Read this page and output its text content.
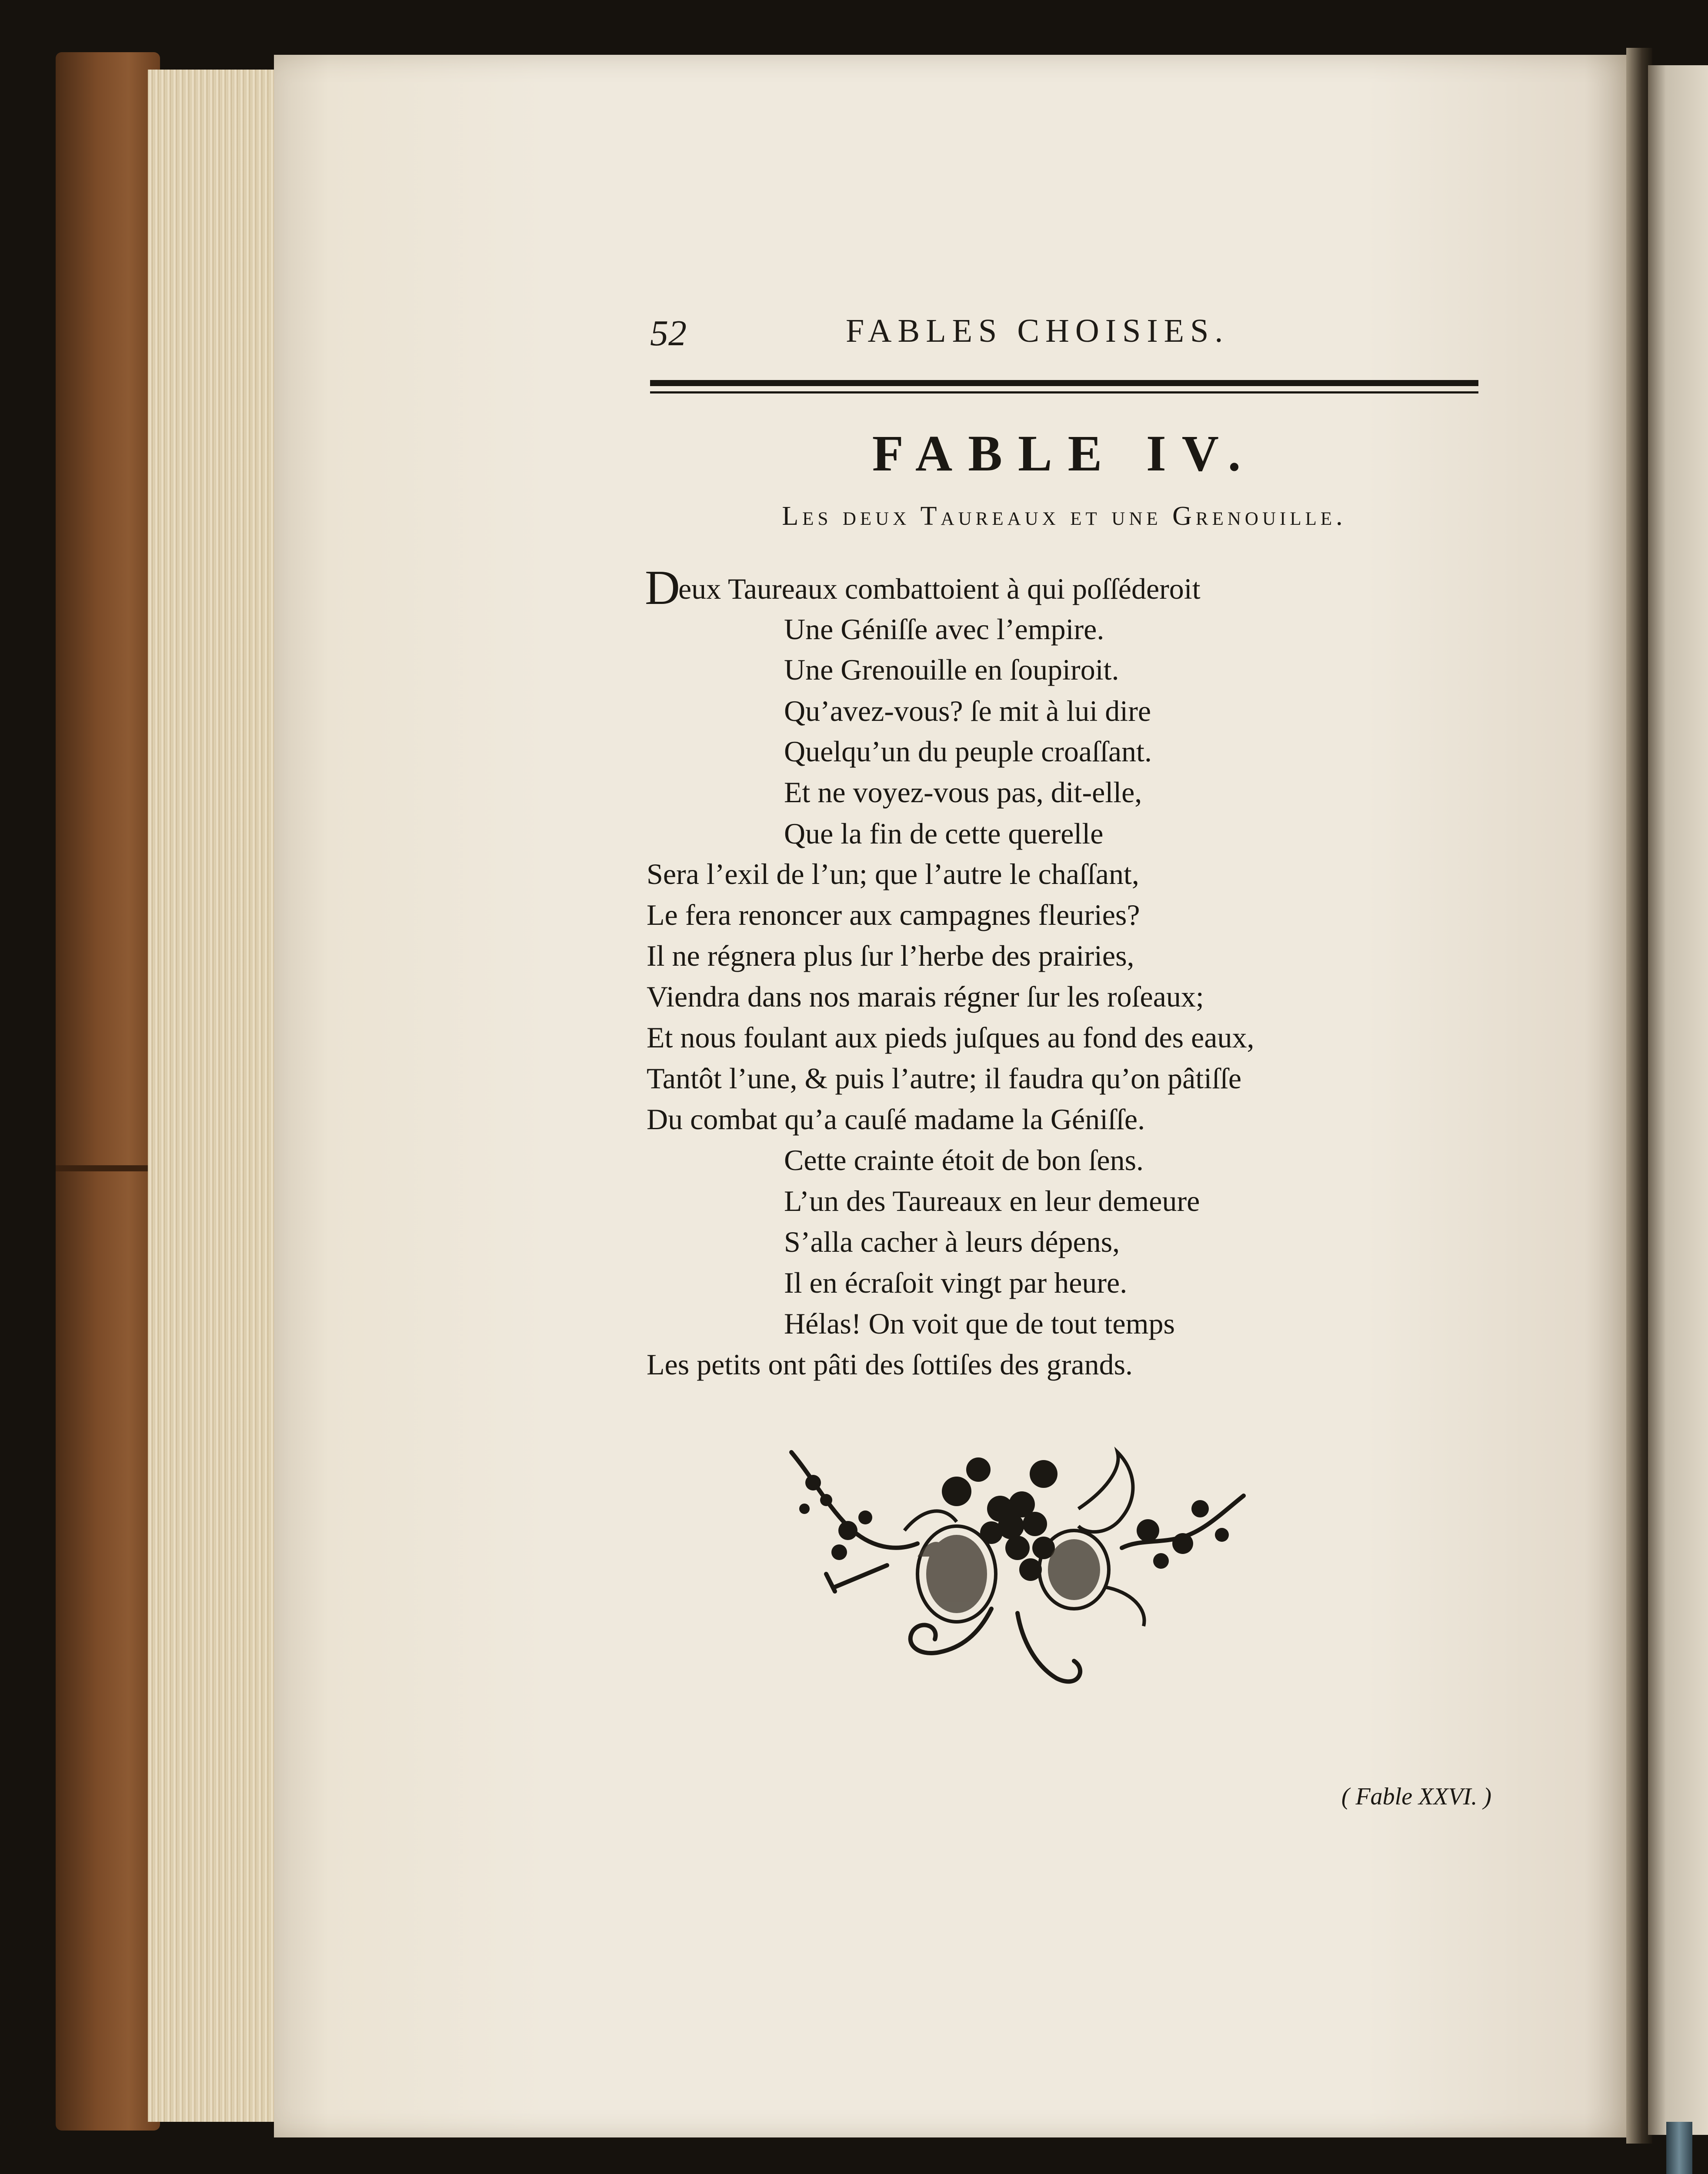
52	FABLES CHOISIES.
FABLE IV.
Les deux Taureaux et une Grenouille.
D
eux Taureaux combattoient à qui poſſéderoit
Une Géniſſe avec l’empire.
Une Grenouille en ſoupiroit.
Qu’avez-vous? ſe mit à lui dire
Quelqu’un du peuple croaſſant.
Et ne voyez-vous pas, dit-elle,
Que la fin de cette querelle
Sera l’exil de l’un; que l’autre le chaſſant,
Le fera renoncer aux campagnes fleuries?
Il ne régnera plus ſur l’herbe des prairies,
Viendra dans nos marais régner ſur les roſeaux;
Et nous foulant aux pieds juſques au fond des eaux,
Tantôt l’une, & puis l’autre; il faudra qu’on pâtiſſe
Du combat qu’a cauſé madame la Géniſſe.
Cette crainte étoit de bon ſens.
L’un des Taureaux en leur demeure
S’alla cacher à leurs dépens,
Il en écraſoit vingt par heure.
Hélas! On voit que de tout temps
Les petits ont pâti des ſottiſes des grands.
( Fable XXVI. )
